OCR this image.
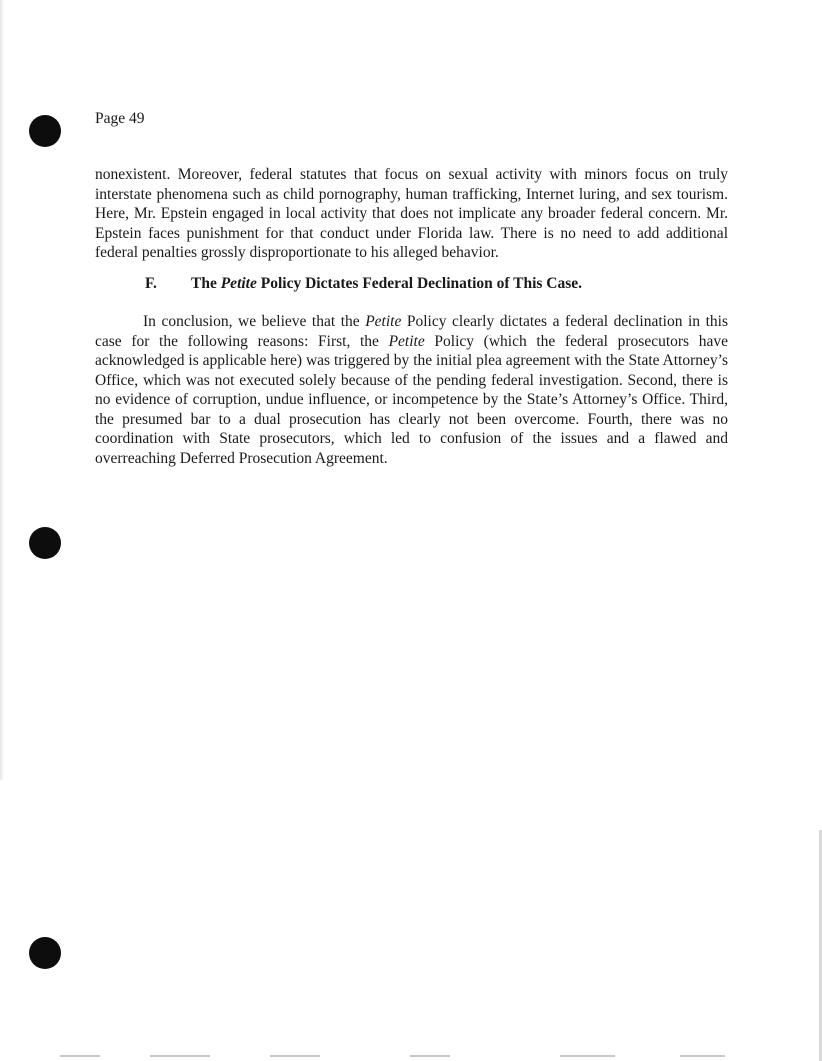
Page 49

nonexistent. Moreover, federal statutes that focus on sexual activity with minors focus on truly interstate phenomena such as child pornography, human trafficking, Internet luring, and sex tourism. Here, Mr. Epstein engaged in local activity that does not implicate any broader federal concern. Mr. Epstein faces punishment for that conduct under Florida law. There is no need to add additional federal penalties grossly disproportionate to his alleged behavior.

F. The Petite Policy Dictates Federal Declination of This Case.

In conclusion, we believe that the Petite Policy clearly dictates a federal declination in this case for the following reasons: First, the Petite Policy (which the federal prosecutors have acknowledged is applicable here) was triggered by the initial plea agreement with the State Attorney’s Office, which was not executed solely because of the pending federal investigation. Second, there is no evidence of corruption, undue influence, or incompetence by the State’s Attorney’s Office. Third, the presumed bar to a dual prosecution has clearly not been overcome. Fourth, there was no coordination with State prosecutors, which led to confusion of the issues and a flawed and overreaching Deferred Prosecution Agreement.
